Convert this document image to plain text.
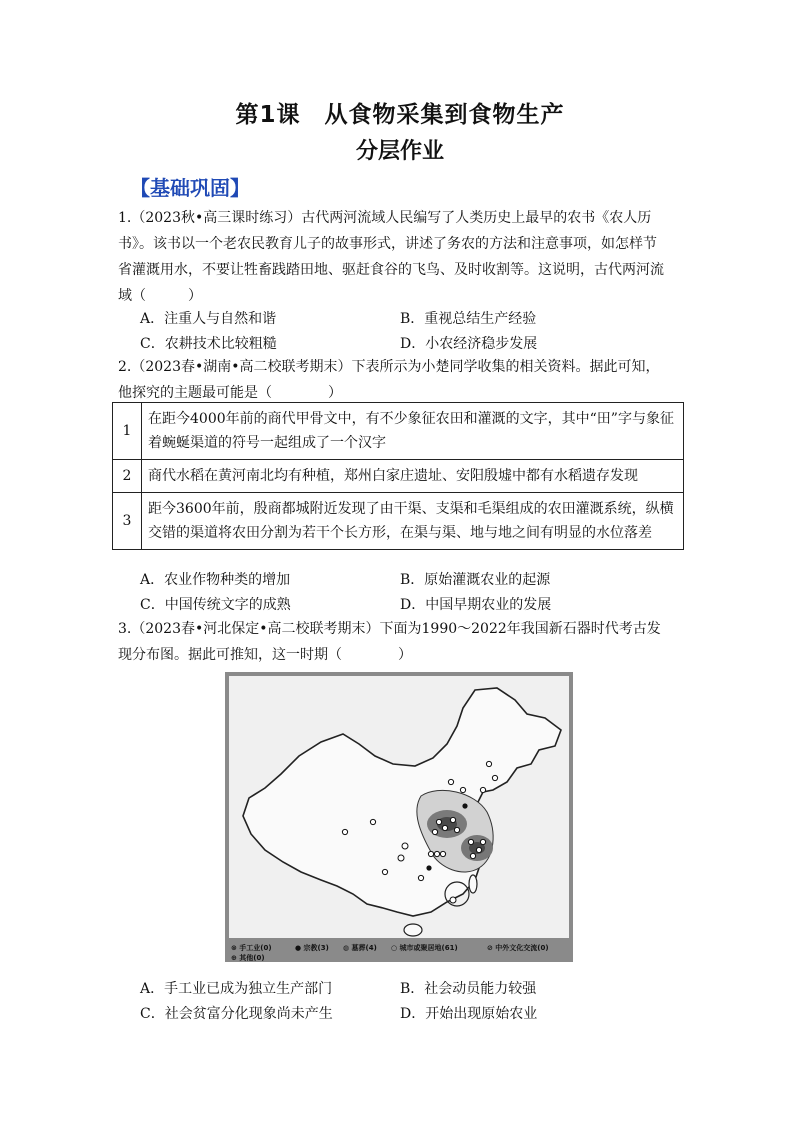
第1课　从食物采集到食物生产
分层作业
【基础巩固】
1.（2023秋•高三课时练习）古代两河流域人民编写了人类历史上最早的农书《农人历
书》。该书以一个老农民教育儿子的故事形式，讲述了务农的方法和注意事项，如怎样节
省灌溉用水，不要让牲畜践踏田地、驱赶食谷的飞鸟、及时收割等。这说明，古代两河流
域（　　　）
A．注重人与自然和谐	B．重视总结生产经验
C．农耕技术比较粗糙	D．小农经济稳步发展
2.（2023春•湖南•高二校联考期末）下表所示为小楚同学收集的相关资料。据此可知，
他探究的主题最可能是（　　　　）
1	在距今4000年前的商代甲骨文中，有不少象征农田和灌溉的文字，其中“田”字与象征着蜿蜒渠道的符号一起组成了一个汉字
2	商代水稻在黄河南北均有种植，郑州白家庄遗址、安阳殷墟中都有水稻遗存发现
3	距今3600年前，殷商都城附近发现了由干渠、支渠和毛渠组成的农田灌溉系统，纵横交错的渠道将农田分割为若干个长方形，在渠与渠、地与地之间有明显的水位落差
A．农业作物种类的增加	B．原始灌溉农业的起源
C．中国传统文字的成熟	D．中国早期农业的发展
3.（2023春•河北保定•高二校联考期末）下面为1990～2022年我国新石器时代考古发
现分布图。据此可推知，这一时期（　　　　）
⊗ 手工业(0)	● 宗教(3) ◍ 墓葬(4) ○ 城市或聚居地(61)	⊘ 中外文化交流(0)
⊕ 其他(0)
A．手工业已成为独立生产部门	B．社会动员能力较强
C．社会贫富分化现象尚未产生	D．开始出现原始农业
